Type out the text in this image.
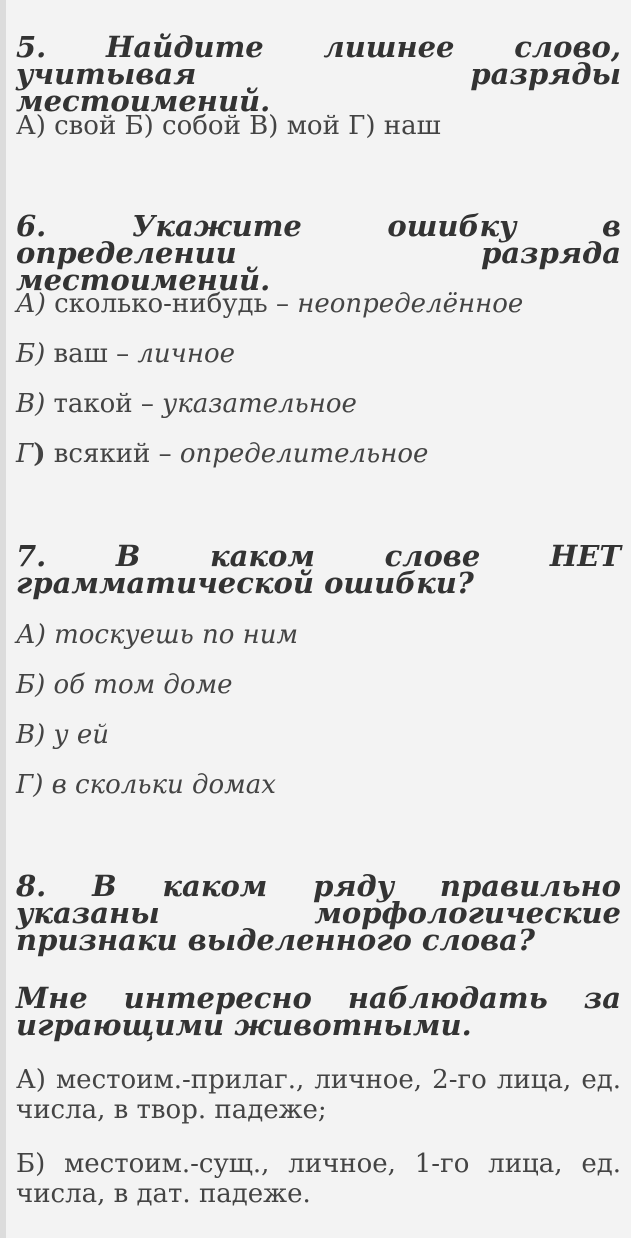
5. Найдите лишнее слово, учитывая разряды местоимений.

А) свой Б) собой В) мой Г) наш

6. Укажите ошибку в определении разряда местоимений.

А) сколько-нибудь – неопределённое
Б) ваш – личное
В) такой – указательное
Г) всякий – определительное

7. В каком слове НЕТ

грамматической ошибки?

А) тоскуешь по ним
Б) об том доме
В) у ей
Г) в скольки домах

8. В каком ряду правильно указаны морфологические признаки выделенного слова?

Мне интересно наблюдать за играющими животными.

А) местоим.-прилаг., личное, 2-го лица, ед. числа, в твор. падеже;
Б) местоим.-сущ., личное, 1-го лица, ед. числа, в дат. падеже.
